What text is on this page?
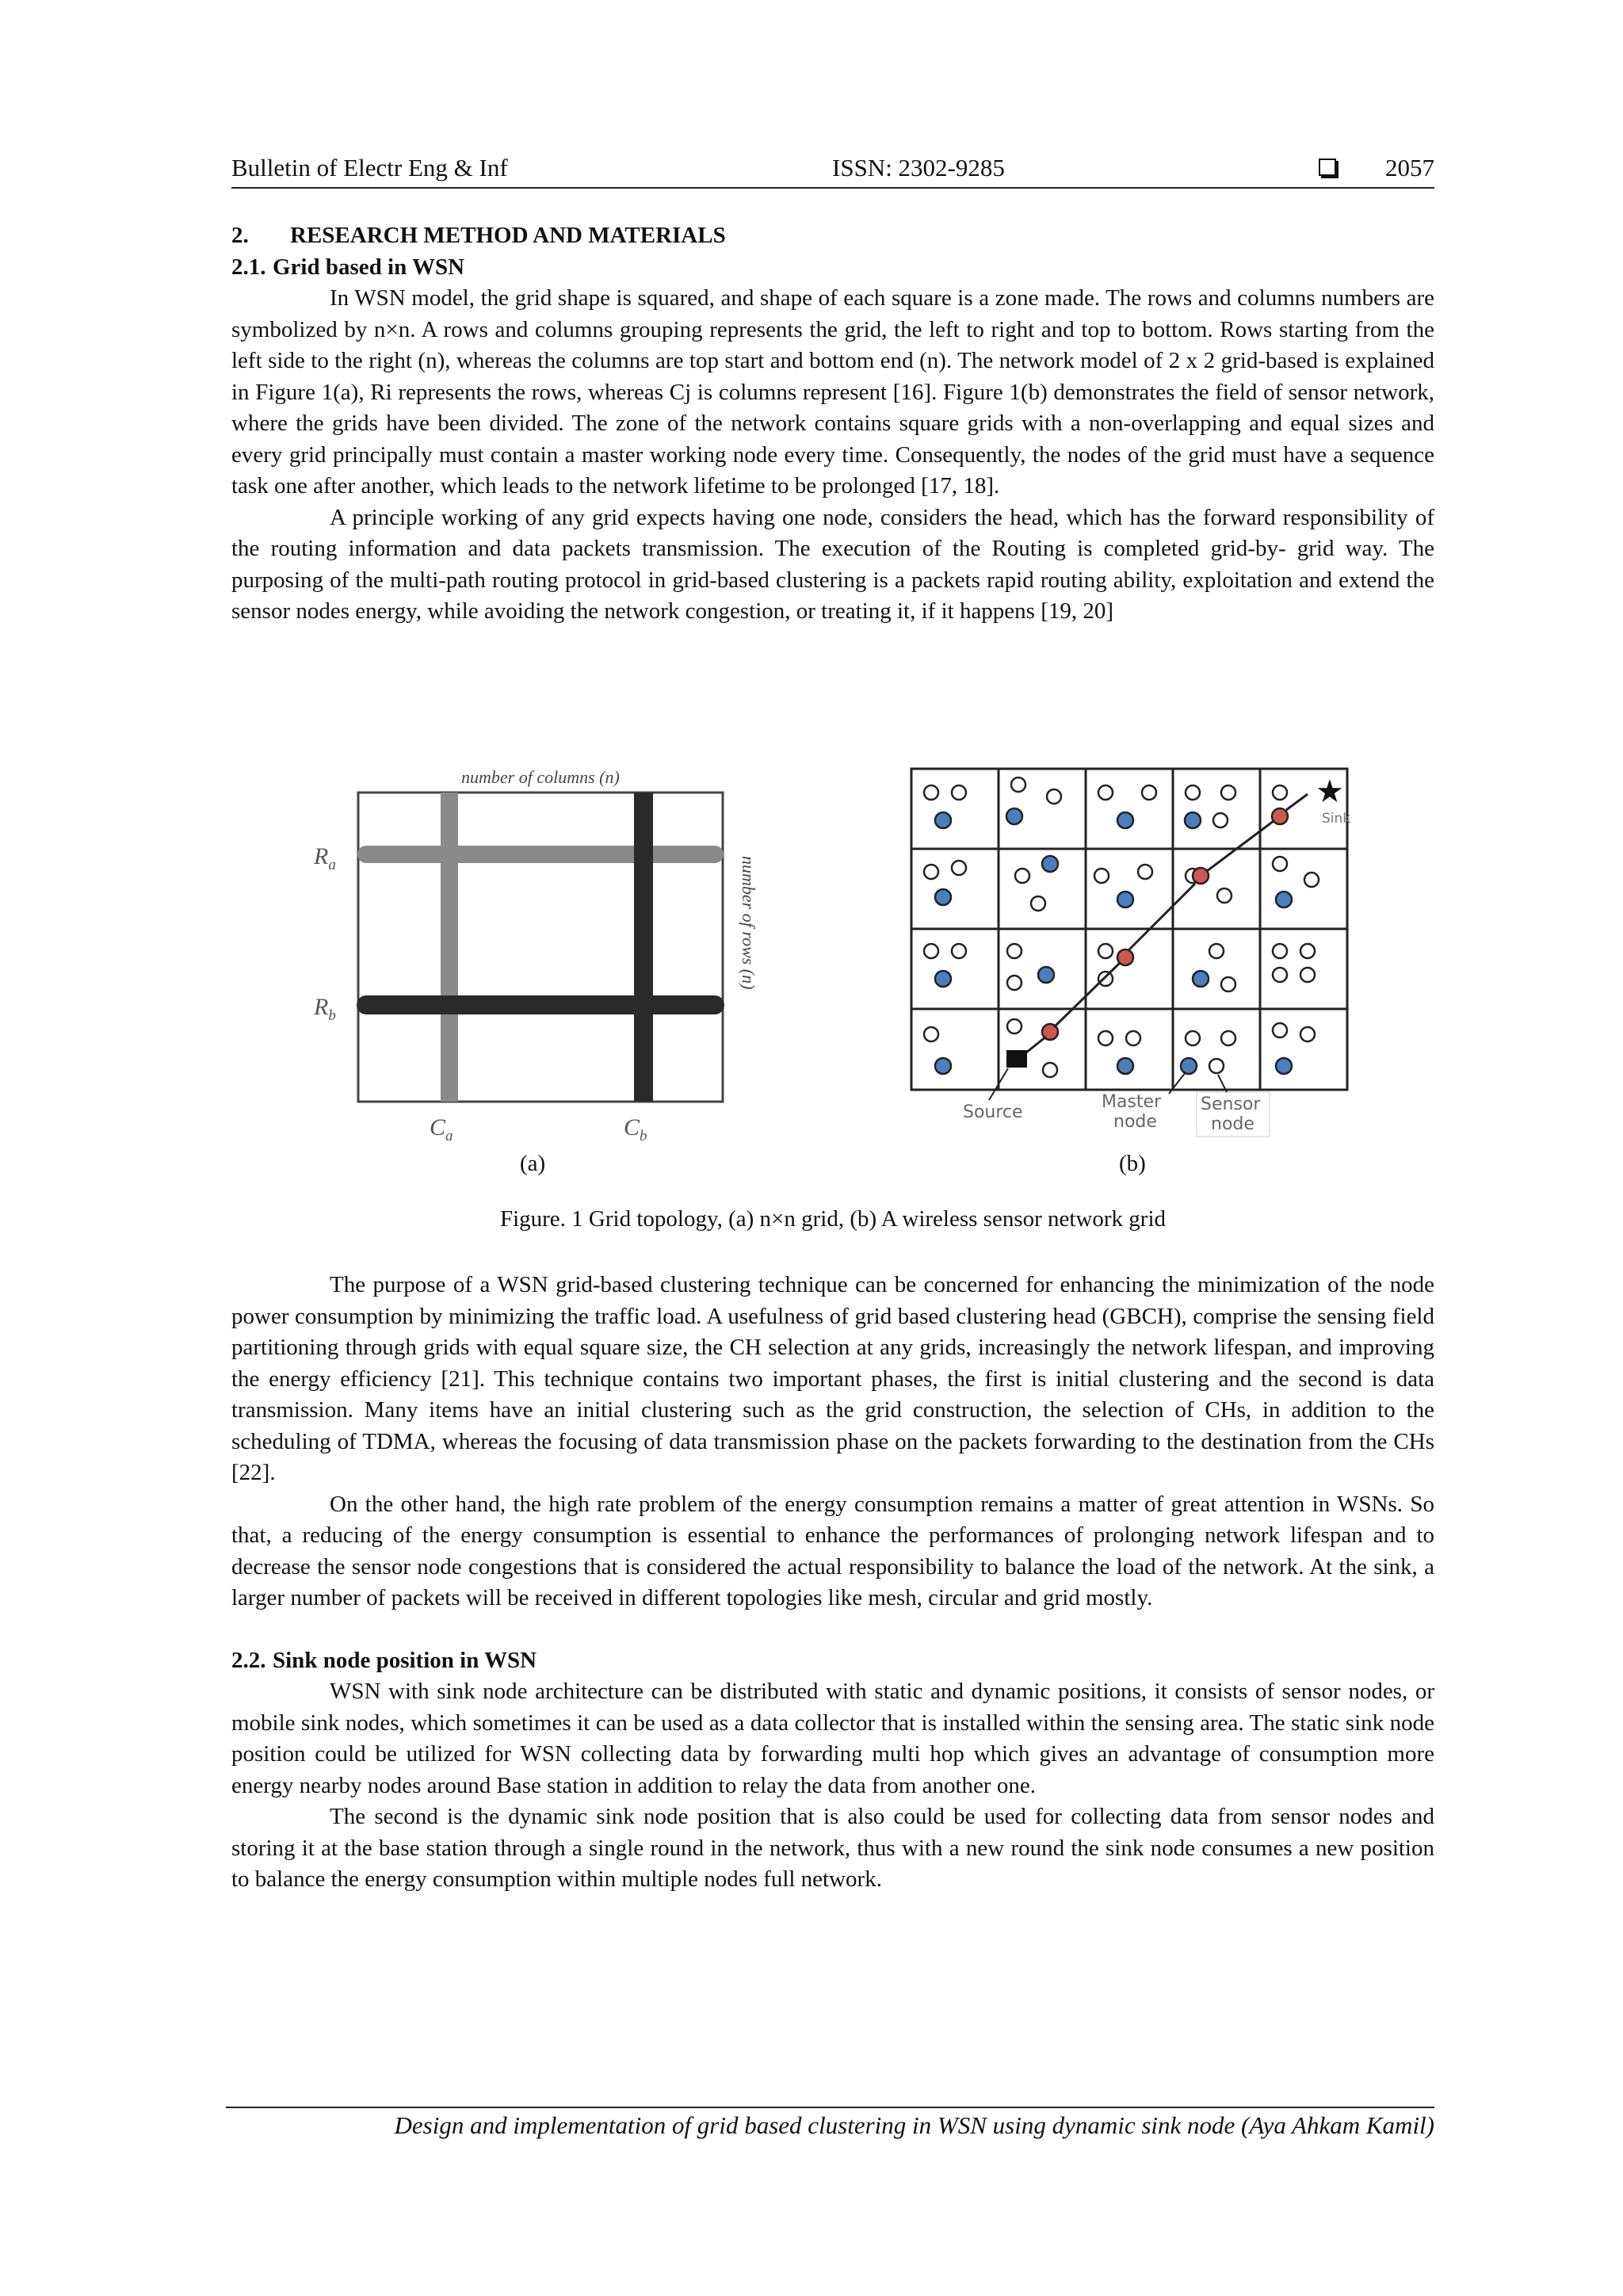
Bulletin of Electr Eng & Inf	ISSN: 2302-9285	2057
2. RESEARCH METHOD AND MATERIALS
2.1. Grid based in WSN

In WSN model, the grid shape is squared, and shape of each square is a zone made. The rows and columns numbers are symbolized by n×n. A rows and columns grouping represents the grid, the left to right and top to bottom. Rows starting from the left side to the right (n), whereas the columns are top start and bottom end (n). The network model of 2 x 2 grid-based is explained in Figure 1(a), Ri represents the rows, whereas Cj is columns represent [16]. Figure 1(b) demonstrates the field of sensor network, where the grids have been divided. The zone of the network contains square grids with a non-overlapping and equal sizes and every grid principally must contain a master working node every time. Consequently, the nodes of the grid must have a sequence task one after another, which leads to the network lifetime to be prolonged [17, 18].

A principle working of any grid expects having one node, considers the head, which has the forward responsibility of the routing information and data packets transmission. The execution of the Routing is completed grid-by- grid way. The purposing of the multi-path routing protocol in grid-based clustering is a packets rapid routing ability, exploitation and extend the sensor nodes energy, while avoiding the network congestion, or treating it, if it happens [19, 20]

number of columns (n)
number of rows (n)
$R_a$
$R_b$
$C_a$	$C_b$
★
Sink
Source
Master
node
Sensor
node
(a)	(b)
Figure. 1 Grid topology, (a) n×n grid, (b) A wireless sensor network grid

The purpose of a WSN grid-based clustering technique can be concerned for enhancing the minimization of the node power consumption by minimizing the traffic load. A usefulness of grid based clustering head (GBCH), comprise the sensing field partitioning through grids with equal square size, the CH selection at any grids, increasingly the network lifespan, and improving the energy efficiency [21]. This technique contains two important phases, the first is initial clustering and the second is data transmission. Many items have an initial clustering such as the grid construction, the selection of CHs, in addition to the scheduling of TDMA, whereas the focusing of data transmission phase on the packets forwarding to the destination from the CHs [22].

On the other hand, the high rate problem of the energy consumption remains a matter of great attention in WSNs. So that, a reducing of the energy consumption is essential to enhance the performances of prolonging network lifespan and to decrease the sensor node congestions that is considered the actual responsibility to balance the load of the network. At the sink, a larger number of packets will be received in different topologies like mesh, circular and grid mostly.

2.2. Sink node position in WSN

WSN with sink node architecture can be distributed with static and dynamic positions, it consists of sensor nodes, or mobile sink nodes, which sometimes it can be used as a data collector that is installed within the sensing area. The static sink node position could be utilized for WSN collecting data by forwarding multi hop which gives an advantage of consumption more energy nearby nodes around Base station in addition to relay the data from another one.

The second is the dynamic sink node position that is also could be used for collecting data from sensor nodes and storing it at the base station through a single round in the network, thus with a new round the sink node consumes a new position to balance the energy consumption within multiple nodes full network.

Design and implementation of grid based clustering in WSN using dynamic sink node (Aya Ahkam Kamil)
